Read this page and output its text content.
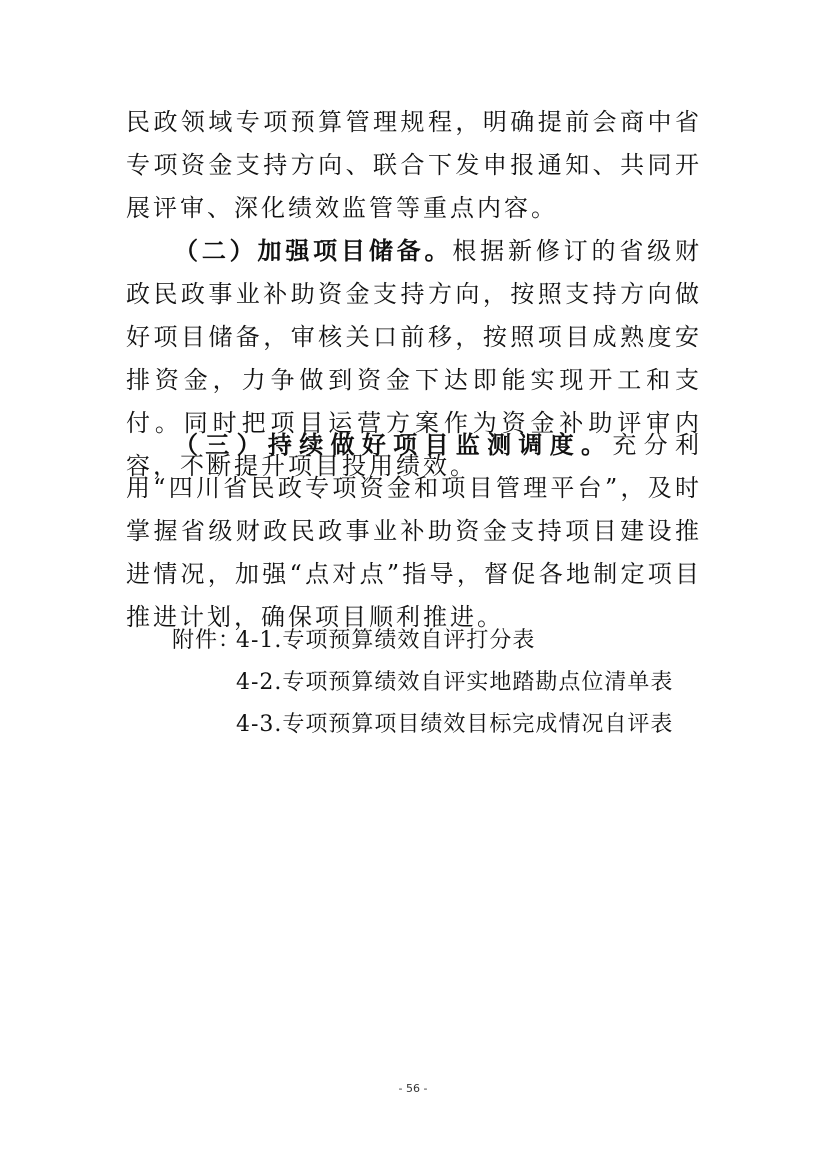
民政领域专项预算管理规程，明确提前会商中省专项资金支持方向、联合下发申报通知、共同开展评审、深化绩效监管等重点内容。

（二）加强项目储备。根据新修订的省级财政民政事业补助资金支持方向，按照支持方向做好项目储备，审核关口前移，按照项目成熟度安排资金，力争做到资金下达即能实现开工和支付。同时把项目运营方案作为资金补助评审内容，不断提升项目投用绩效。

（三）持续做好项目监测调度。充分利用“四川省民政专项资金和项目管理平台”，及时掌握省级财政民政事业补助资金支持项目建设推进情况，加强“点对点”指导，督促各地制定项目推进计划，确保项目顺利推进。

附件：
4-1.专项预算绩效自评打分表
4-2.专项预算绩效自评实地踏勘点位清单表
4-3.专项预算项目绩效目标完成情况自评表
- 56 -
